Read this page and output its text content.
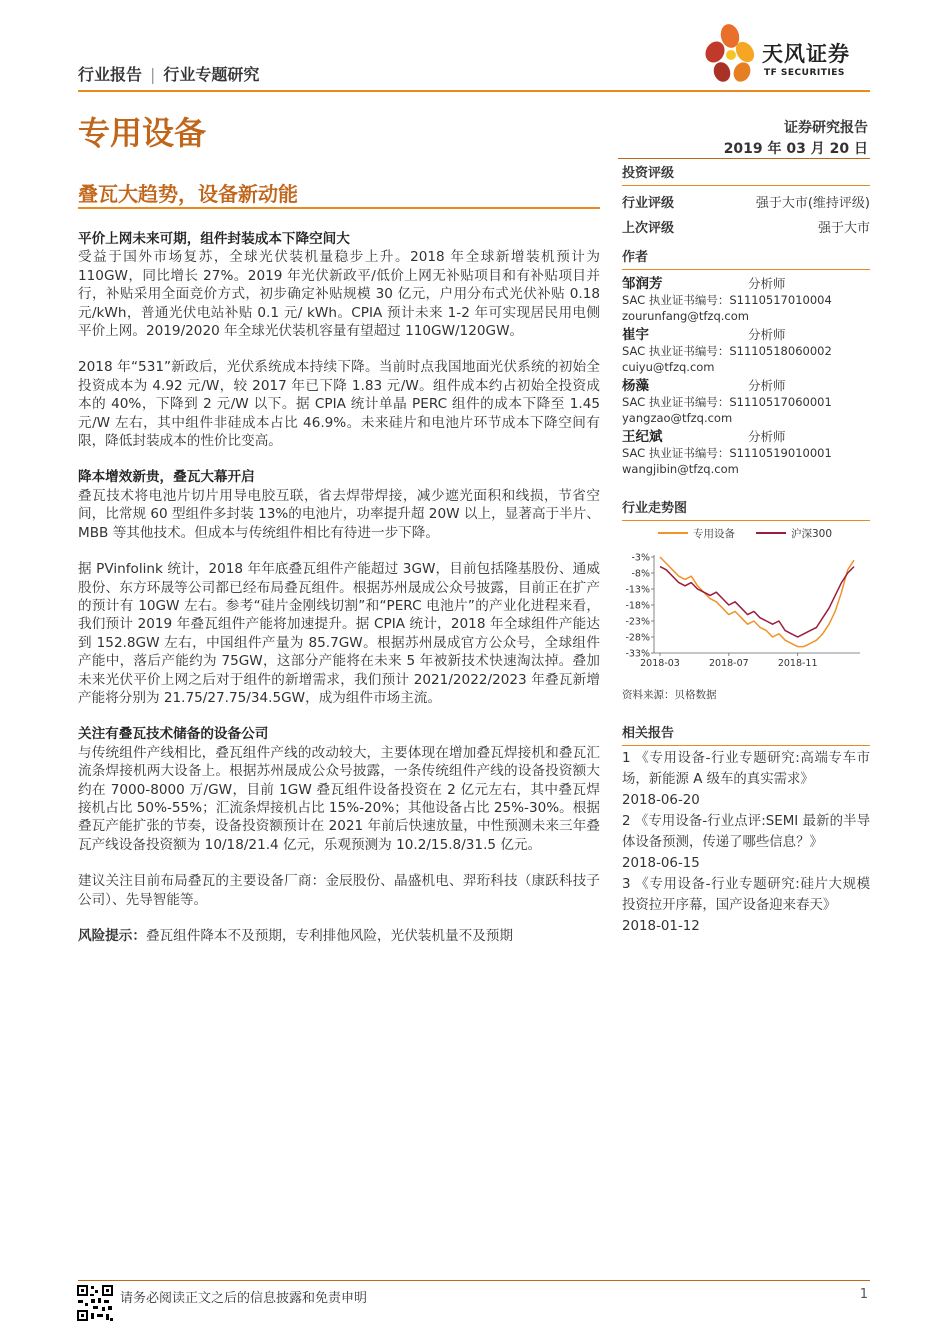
行业报告 | 行业专题研究
天风证券
TF SECURITIES
专用设备	证券研究报告
2019 年 03 月 20 日
叠瓦大趋势，设备新动能

平价上网未来可期，组件封装成本下降空间大

受益于国外市场复苏，全球光伏装机量稳步上升。2018 年全球新增装机预计为 110GW，同比增长 27%。2019 年光伏新政平/低价上网无补贴项目和有补贴项目并行，补贴采用全面竞价方式，初步确定补贴规模 30 亿元，户用分布式光伏补贴 0.18 元/kWh，普通光伏电站补贴 0.1 元/ kWh。CPIA 预计未来 1-2 年可实现居民用电侧平价上网。2019/2020 年全球光伏装机容量有望超过 110GW/120GW。

2018 年“531”新政后，光伏系统成本持续下降。当前时点我国地面光伏系统的初始全投资成本为 4.92 元/W，较 2017 年已下降 1.83 元/W。组件成本约占初始全投资成本的 40%，下降到 2 元/W 以下。据 CPIA 统计单晶 PERC 组件的成本下降至 1.45 元/W 左右，其中组件非硅成本占比 46.9%。未来硅片和电池片环节成本下降空间有限，降低封装成本的性价比变高。

降本增效新贵，叠瓦大幕开启

叠瓦技术将电池片切片用导电胶互联，省去焊带焊接，减少遮光面积和线损，节省空间，比常规 60 型组件多封装 13%的电池片，功率提升超 20W 以上，显著高于半片、MBB 等其他技术。但成本与传统组件相比有待进一步下降。

据 PVinfolink 统计，2018 年年底叠瓦组件产能超过 3GW，目前包括隆基股份、通威股份、东方环晟等公司都已经布局叠瓦组件。根据苏州晟成公众号披露，目前正在扩产的预计有 10GW 左右。参考“硅片金刚线切割”和“PERC 电池片”的产业化进程来看，我们预计 2019 年叠瓦组件产能将加速提升。据 CPIA 统计，2018 年全球组件产能达到 152.8GW 左右，中国组件产量为 85.7GW。根据苏州晟成官方公众号，全球组件产能中，落后产能约为 75GW，这部分产能将在未来 5 年被新技术快速淘汰掉。叠加未来光伏平价上网之后对于组件的新增需求，我们预计 2021/2022/2023 年叠瓦新增产能将分别为 21.75/27.75/34.5GW，成为组件市场主流。

关注有叠瓦技术储备的设备公司

与传统组件产线相比，叠瓦组件产线的改动较大，主要体现在增加叠瓦焊接机和叠瓦汇流条焊接机两大设备上。根据苏州晟成公众号披露，一条传统组件产线的设备投资额大约在 7000-8000 万/GW，目前 1GW 叠瓦组件设备投资在 2 亿元左右，其中叠瓦焊接机占比 50%-55%；汇流条焊接机占比 15%-20%；其他设备占比 25%-30%。根据叠瓦产能扩张的节奏，设备投资额预计在 2021 年前后快速放量，中性预测未来三年叠瓦产线设备投资额为 10/18/21.4 亿元，乐观预测为 10.2/15.8/31.5 亿元。

建议关注目前布局叠瓦的主要设备厂商：金辰股份、晶盛机电、羿珩科技（康跃科技子公司）、先导智能等。

风险提示：叠瓦组件降本不及预期，专利排他风险，光伏装机量不及预期

投资评级
行业评级	强于大市(维持评级)
上次评级	强于大市
作者
邹润芳	分析师
SAC 执业证书编号：S1110517010004
zourunfang@tfzq.com
崔宇	分析师
SAC 执业证书编号：S1110518060002
cuiyu@tfzq.com
杨藻	分析师
SAC 执业证书编号：S1110517060001
yangzao@tfzq.com
王纪斌	分析师
SAC 执业证书编号：S1110519010001
wangjibin@tfzq.com
行业走势图
专用设备	沪深300
-3%
-8%
-13%
-18%
-23%
-28%
-33%
2018-03	2018-07	2018-11
资料来源：贝格数据
相关报告
1 《专用设备-行业专题研究:高端专车市场，新能源 A 级车的真实需求》
2018-06-20
2 《专用设备-行业点评:SEMI 最新的半导体设备预测，传递了哪些信息？》
2018-06-15
3 《专用设备-行业专题研究:硅片大规模投资拉开序幕，国产设备迎来春天》
2018-01-12
请务必阅读正文之后的信息披露和免责申明	1
